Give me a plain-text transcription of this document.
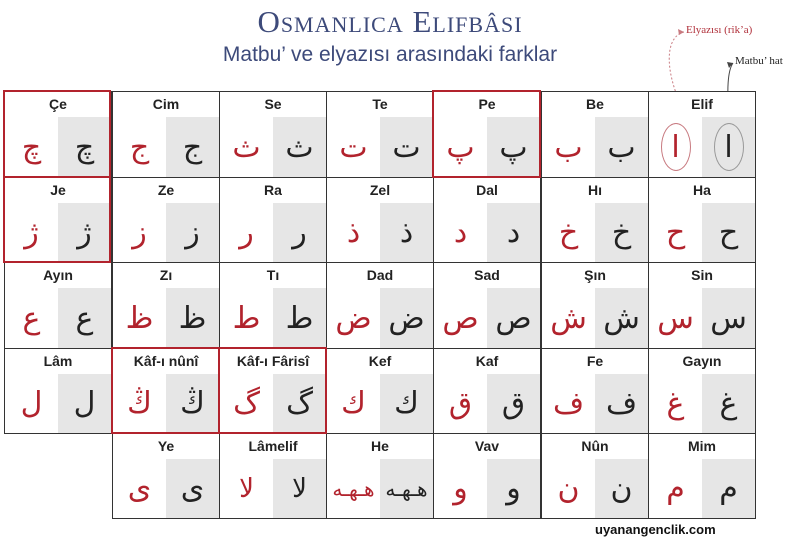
Osmanlıca Elifbâsı
Matbu’ ve elyazısı arasındaki farklar
Elyazısı (rik’a)
Matbu’ hat
Çe
چ	چ
Cim
ج	ج
Se
ث ث
Te
ت ت
Pe
پ پ
Be
ب ب
Elif
ا	ا
Je
ژ	ژ
Ze
ز	ز
Ra
ر	ر
Zel
ذ	ذ
Dal
د	د
Hı
خ	خ
Ha
ح	ح
Ayın
ع	ع
Zı
ظ ظ
Tı
ط ط
Dad
ض ض
Sad
ص ص
Şın
ش ش
Sin
س س
Lâm
ل	ل
Kâf-ı nûnî
ڭ ڭ
Kâf-ı Fârisî
گ گ
Kef
ك ك
Kaf
ق ق
Fe
ف ف
Gayın
غ	غ
Ye
ى ى
Lâmelif
لا	لا
He
هـهـه هـهـه
Vav
و	و
Nûn
ن	ن
Mim
م	م
uyanangenclik.com
